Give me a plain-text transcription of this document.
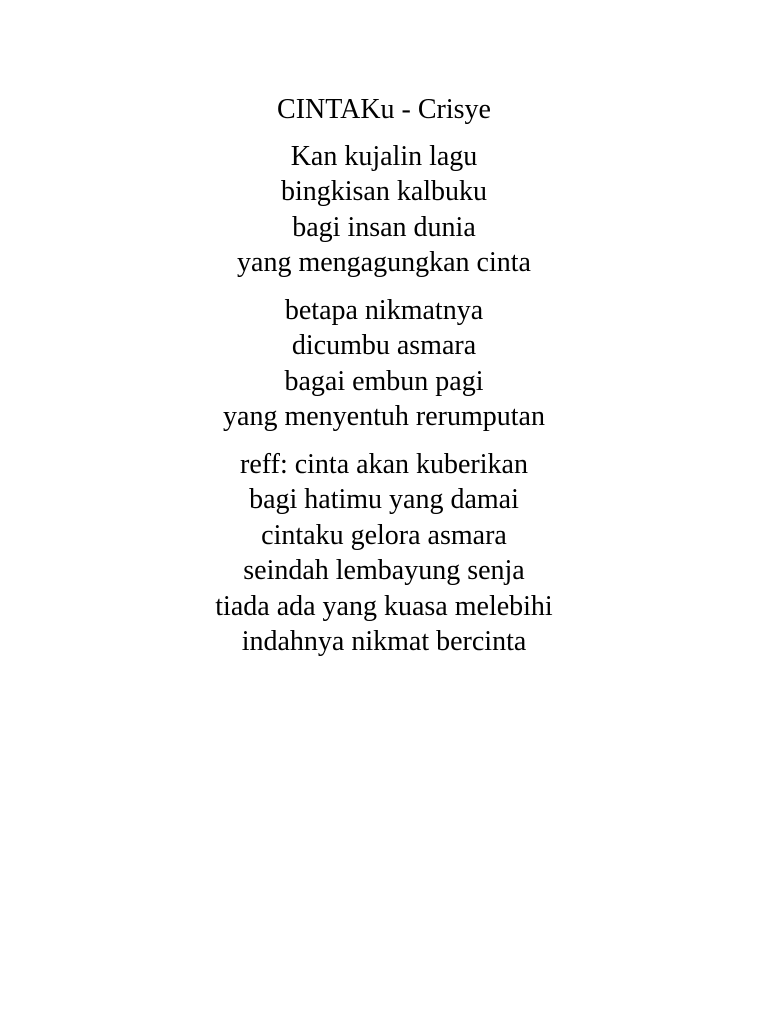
CINTAKu - Crisye
Kan kujalin lagu
bingkisan kalbuku
bagi insan dunia
yang mengagungkan cinta
betapa nikmatnya
dicumbu asmara
bagai embun pagi
yang menyentuh rerumputan
reff: cinta akan kuberikan
bagi hatimu yang damai
cintaku gelora asmara
seindah lembayung senja
tiada ada yang kuasa melebihi
indahnya nikmat bercinta
